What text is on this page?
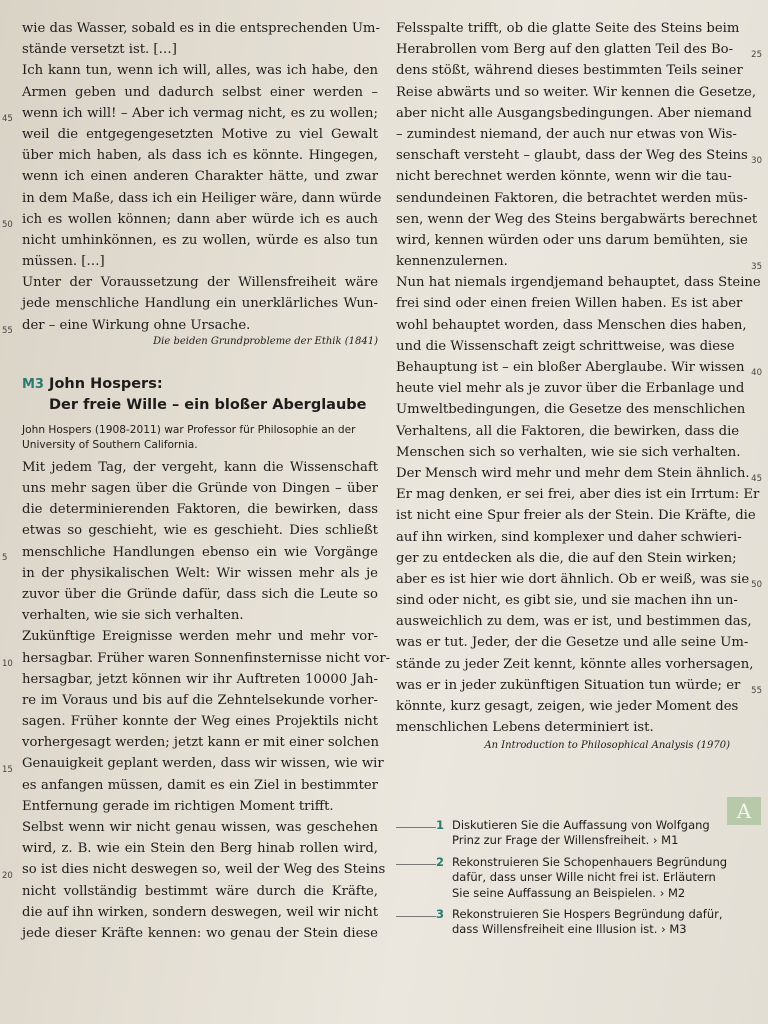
wie das Wasser, sobald es in die entsprechenden Um-
stände versetzt ist. […]
Ich kann tun, wenn ich will, alles, was ich habe, den
Armen geben und dadurch selbst einer werden –
wenn ich will! – Aber ich vermag nicht, es zu wollen;
weil die entgegengesetzten Motive zu viel Gewalt
über mich haben, als dass ich es könnte. Hingegen,
wenn ich einen anderen Charakter hätte, und zwar
in dem Maße, dass ich ein Heiliger wäre, dann würde
ich es wollen können; dann aber würde ich es auch
nicht umhinkönnen, es zu wollen, würde es also tun
müssen. […]
Unter der Voraussetzung der Willensfreiheit wäre
jede menschliche Handlung ein unerklärliches Wun-
der – eine Wirkung ohne Ursache.
45
50
55
Die beiden Grundprobleme der Ethik (1841)
M3 John Hospers:
Der freie Wille – ein bloßer Aberglaube
John Hospers (1908-2011) war Professor für Philosophie an der University of Southern California.
Mit jedem Tag, der vergeht, kann die Wissenschaft
uns mehr sagen über die Gründe von Dingen – über
die determinierenden Faktoren, die bewirken, dass
etwas so geschieht, wie es geschieht. Dies schließt
menschliche Handlungen ebenso ein wie Vorgänge
in der physikalischen Welt: Wir wissen mehr als je
zuvor über die Gründe dafür, dass sich die Leute so
verhalten, wie sie sich verhalten.
Zukünftige Ereignisse werden mehr und mehr vor-
hersagbar. Früher waren Sonnenfinsternisse nicht vor-
hersagbar, jetzt können wir ihr Auftreten 10000 Jah-
re im Voraus und bis auf die Zehntelsekunde vorher-
sagen. Früher konnte der Weg eines Projektils nicht
vorhergesagt werden; jetzt kann er mit einer solchen
Genauigkeit geplant werden, dass wir wissen, wie wir
es anfangen müssen, damit es ein Ziel in bestimmter
Entfernung gerade im richtigen Moment trifft.
Selbst wenn wir nicht genau wissen, was geschehen
wird, z. B. wie ein Stein den Berg hinab rollen wird,
so ist dies nicht deswegen so, weil der Weg des Steins
nicht vollständig bestimmt wäre durch die Kräfte,
die auf ihn wirken, sondern deswegen, weil wir nicht
jede dieser Kräfte kennen: wo genau der Stein diese
5
10
15
20
Felsspalte trifft, ob die glatte Seite des Steins beim
Herabrollen vom Berg auf den glatten Teil des Bo-
dens stößt, während dieses bestimmten Teils seiner
Reise abwärts und so weiter. Wir kennen die Gesetze,
aber nicht alle Ausgangsbedingungen. Aber niemand
– zumindest niemand, der auch nur etwas von Wis-
senschaft versteht – glaubt, dass der Weg des Steins
nicht berechnet werden könnte, wenn wir die tau-
sendundeinen Faktoren, die betrachtet werden müs-
sen, wenn der Weg des Steins bergabwärts berechnet
wird, kennen würden oder uns darum bemühten, sie
kennenzulernen.
Nun hat niemals irgendjemand behauptet, dass Steine
frei sind oder einen freien Willen haben. Es ist aber
wohl behauptet worden, dass Menschen dies haben,
und die Wissenschaft zeigt schrittweise, was diese
Behauptung ist – ein bloßer Aberglaube. Wir wissen
heute viel mehr als je zuvor über die Erbanlage und
Umweltbedingungen, die Gesetze des menschlichen
Verhaltens, all die Faktoren, die bewirken, dass die
Menschen sich so verhalten, wie sie sich verhalten.
Der Mensch wird mehr und mehr dem Stein ähnlich.
Er mag denken, er sei frei, aber dies ist ein Irrtum: Er
ist nicht eine Spur freier als der Stein. Die Kräfte, die
auf ihn wirken, sind komplexer und daher schwieri-
ger zu entdecken als die, die auf den Stein wirken;
aber es ist hier wie dort ähnlich. Ob er weiß, was sie
sind oder nicht, es gibt sie, und sie machen ihn un-
ausweichlich zu dem, was er ist, und bestimmen das,
was er tut. Jeder, der die Gesetze und alle seine Um-
stände zu jeder Zeit kennt, könnte alles vorhersagen,
was er in jeder zukünftigen Situation tun würde; er
könnte, kurz gesagt, zeigen, wie jeder Moment des
menschlichen Lebens determiniert ist.
25
30
35
40
45
50
55
An Introduction to Philosophical Analysis (1970)
A
1 Diskutieren Sie die Auffassung von Wolfgang Prinz zur Frage der Willensfreiheit. › M1
2 Rekonstruieren Sie Schopenhauers Begründung dafür, dass unser Wille nicht frei ist. Erläutern Sie seine Auffassung an Beispielen. › M2
3 Rekonstruieren Sie Hospers Begründung dafür, dass Willensfreiheit eine Illusion ist. › M3
